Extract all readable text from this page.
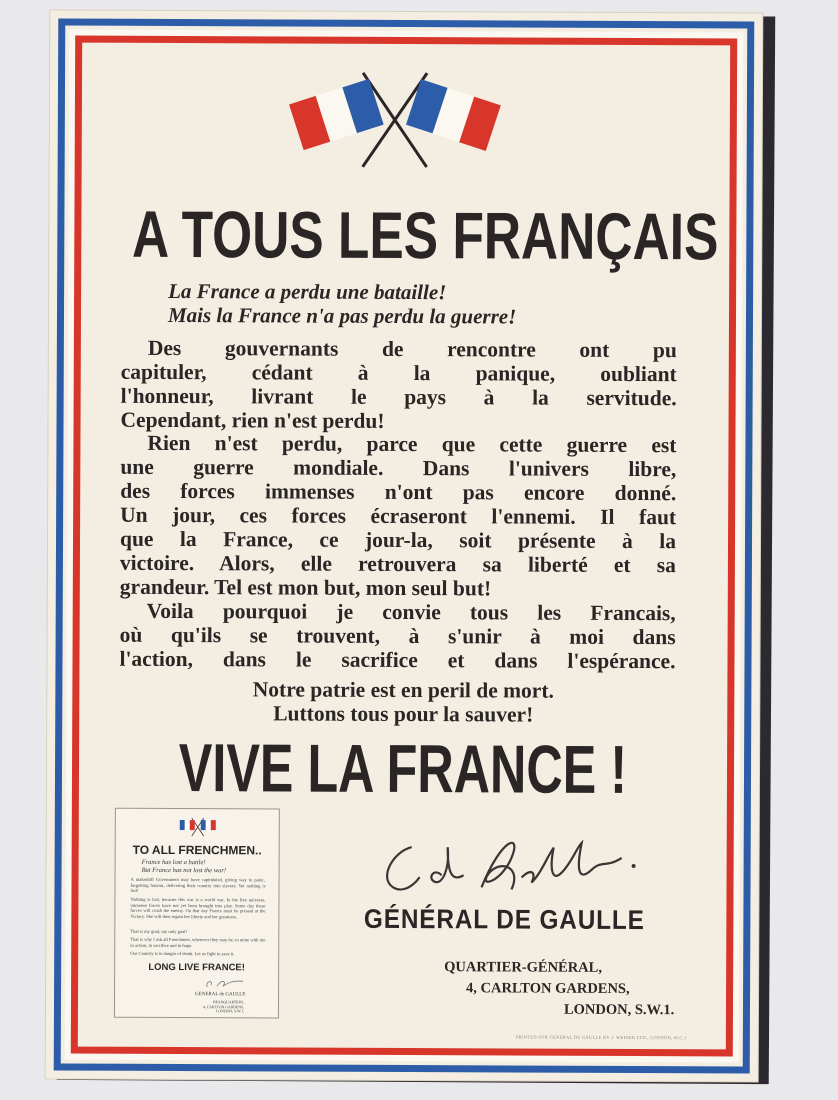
A TOUS LES FRANÇAIS
La France a perdu une bataille!
Mais la France n'a pas perdu la guerre!
Des gouvernants de rencontre ont pu
capituler, cédant à la panique, oubliant
l'honneur, livrant le pays à la servitude.
Cependant, rien n'est perdu!
Rien n'est perdu, parce que cette guerre est
une guerre mondiale. Dans l'univers libre,
des forces immenses n'ont pas encore donné.
Un jour, ces forces écraseront l'ennemi. Il faut
que la France, ce jour-la, soit présente à la
victoire. Alors, elle retrouvera sa liberté et sa
grandeur. Tel est mon but, mon seul but!
Voila pourquoi je convie tous les Francais,
où qu'ils se trouvent, à s'unir à moi dans
l'action, dans le sacrifice et dans l'espérance.
Notre patrie est en peril de mort.
Luttons tous pour la sauver!
VIVE LA FRANCE !
GÉNÉRAL DE GAULLE
QUARTIER-GÉNÉRAL,
4, CARLTON GARDENS,
LONDON, S.W.1.
PRINTED FOR GENERAL DE GAULLE BY J. WEINER LTD., LONDON, W.C.1
TO ALL FRENCHMEN..
France has lost a battle!
But France has not lost the war!
A makeshift Government may have capitulated, giving way to panic, forgetting honour, delivering their country into slavery. Yet nothing is lost!
Nothing is lost, because this war is a world war. In the free universe, immense forces have not yet been brought into play. Some day these forces will crush the enemy. On that day France must be present at the Victory. She will then regain her liberty and her greatness.
That is my goal, my only goal!
That is why I ask all Frenchmen, wherever they may be, to unite with me in action, in sacrifice and in hope.
Our Country is in danger of death. Let us fight to save it.
LONG LIVE FRANCE!
GENERAL de GAULLE
HEADQUARTERS,
4, CARLTON GARDENS,
LONDON, S.W.1.
